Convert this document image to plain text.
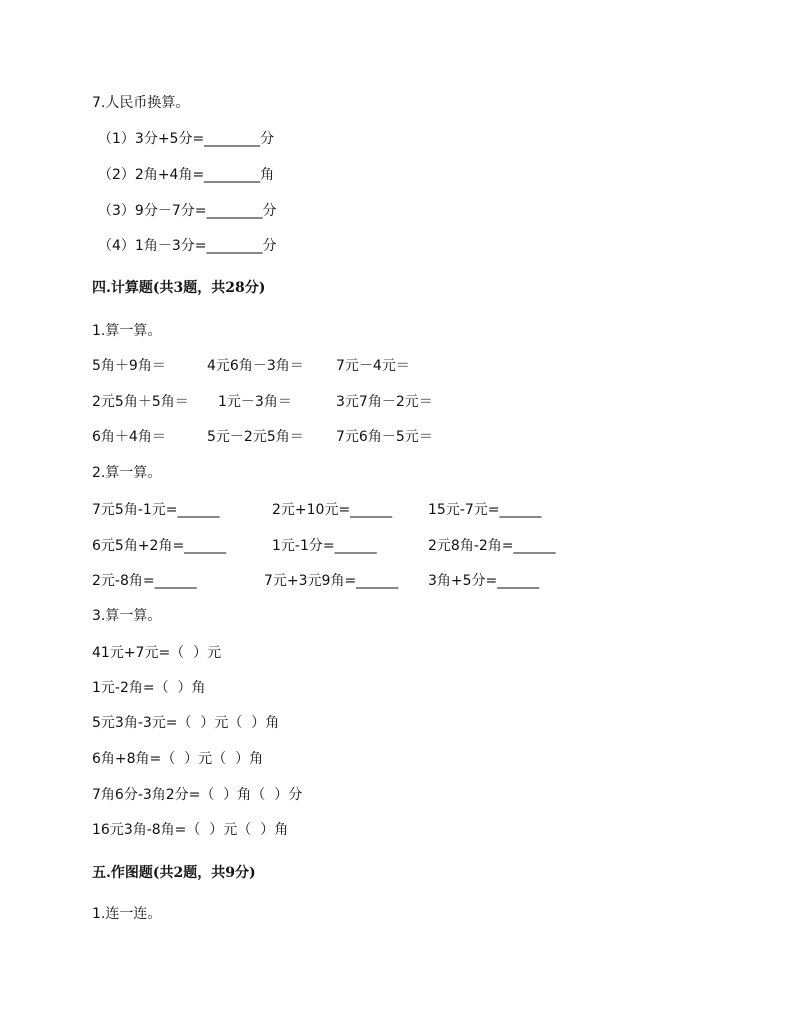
7.人民币换算。
（1）3分+5分=________分
（2）2角+4角=________角
（3）9分－7分=________分
（4）1角－3分=________分
四.计算题(共3题，共28分)
1.算一算。
5角＋9角＝	4元6角－3角＝ 7元－4元＝
2元5角＋5角＝ 1元－3角＝	3元7角－2元＝
6角＋4角＝	5元－2元5角＝ 7元6角－5元＝
2.算一算。
7元5角-1元=______	2元+10元=______	15元-7元=______
6元5角+2角=______	1元-1分=______	2元8角-2角=______
2元-8角=______	7元+3元9角=______ 3角+5分=______
3.算一算。
41元+7元=（  ）元
1元-2角=（  ）角
5元3角-3元=（  ）元（  ）角
6角+8角=（  ）元（  ）角
7角6分-3角2分=（  ）角（  ）分
16元3角-8角=（  ）元（  ）角
五.作图题(共2题，共9分)
1.连一连。
